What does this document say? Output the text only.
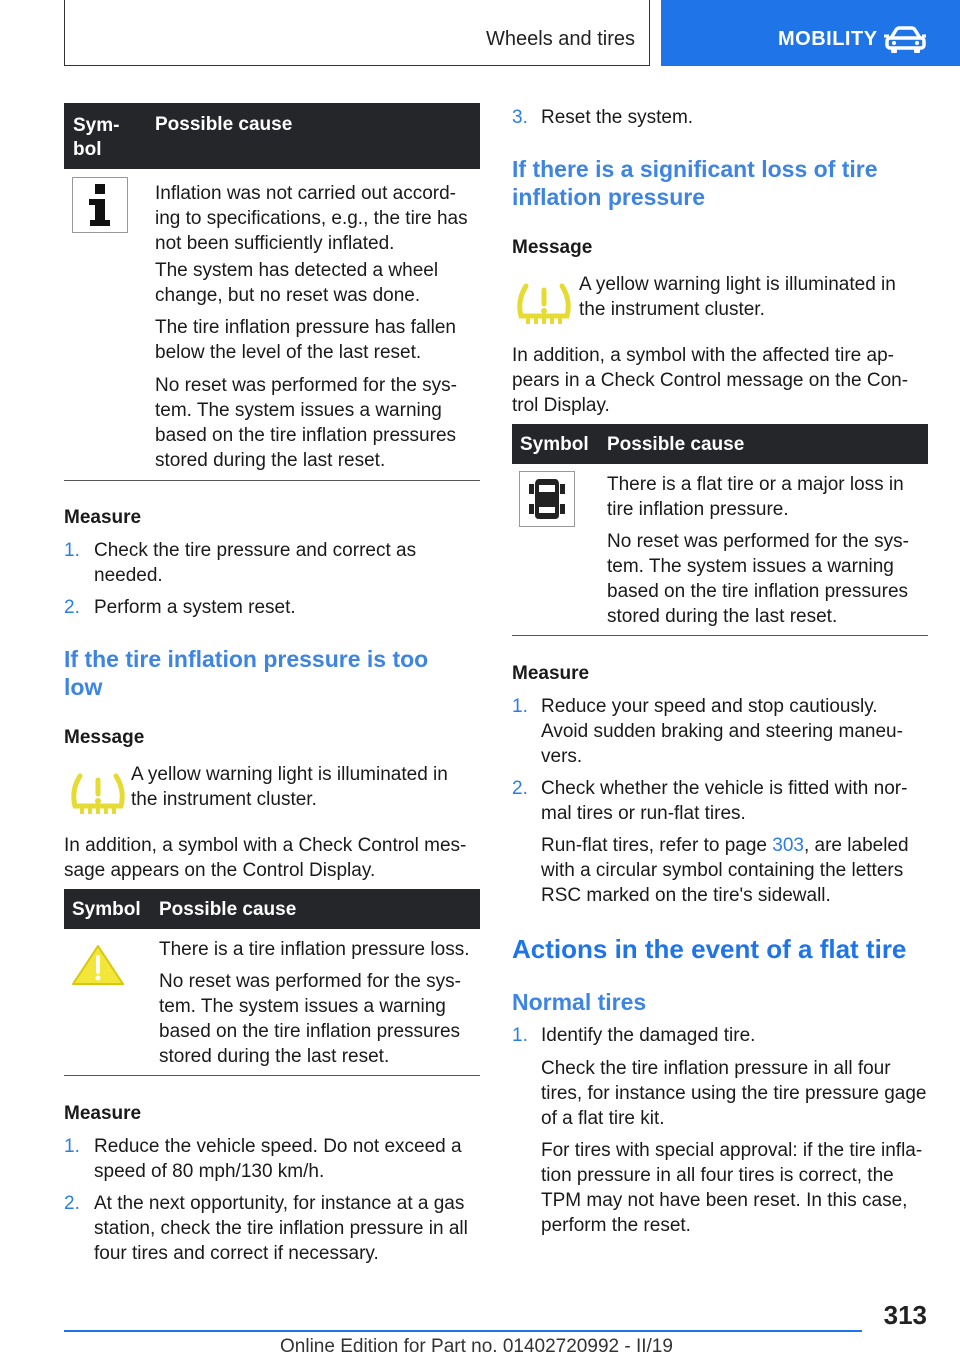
Wheels and tires	MOBILITY
Sym-
bol
Possible cause
Inflation was not carried out accord-
ing to specifications, e.g., the tire has
not been sufficiently inflated.
The system has detected a wheel
change, but no reset was done.
The tire inflation pressure has fallen
below the level of the last reset.
No reset was performed for the sys-
tem. The system issues a warning
based on the tire inflation pressures
stored during the last reset.
Measure
1. Check the tire pressure and correct as
needed.
2. Perform a system reset.
If the tire inflation pressure is too
low
Message
A yellow warning light is illuminated in
the instrument cluster.
In addition, a symbol with a Check Control mes-
sage appears on the Control Display.
Symbol Possible cause
There is a tire inflation pressure loss.
No reset was performed for the sys-
tem. The system issues a warning
based on the tire inflation pressures
stored during the last reset.
Measure
1. Reduce the vehicle speed. Do not exceed a
speed of 80 mph/130 km/h.
2. At the next opportunity, for instance at a gas
station, check the tire inflation pressure in all
four tires and correct if necessary.
3. Reset the system.
If there is a significant loss of tire
inflation pressure
Message
A yellow warning light is illuminated in
the instrument cluster.
In addition, a symbol with the affected tire ap-
pears in a Check Control message on the Con-
trol Display.
Symbol Possible cause
There is a flat tire or a major loss in
tire inflation pressure.
No reset was performed for the sys-
tem. The system issues a warning
based on the tire inflation pressures
stored during the last reset.
Measure
1. Reduce your speed and stop cautiously.
Avoid sudden braking and steering maneu-
vers.
2. Check whether the vehicle is fitted with nor-
mal tires or run-flat tires.
Run-flat tires, refer to page 303, are labeled
with a circular symbol containing the letters
RSC marked on the tire's sidewall.
Actions in the event of a flat tire
Normal tires
1. Identify the damaged tire.
Check the tire inflation pressure in all four
tires, for instance using the tire pressure gage
of a flat tire kit.
For tires with special approval: if the tire infla-
tion pressure in all four tires is correct, the
TPM may not have been reset. In this case,
perform the reset.
313
Online Edition for Part no. 01402720992 - II/19
